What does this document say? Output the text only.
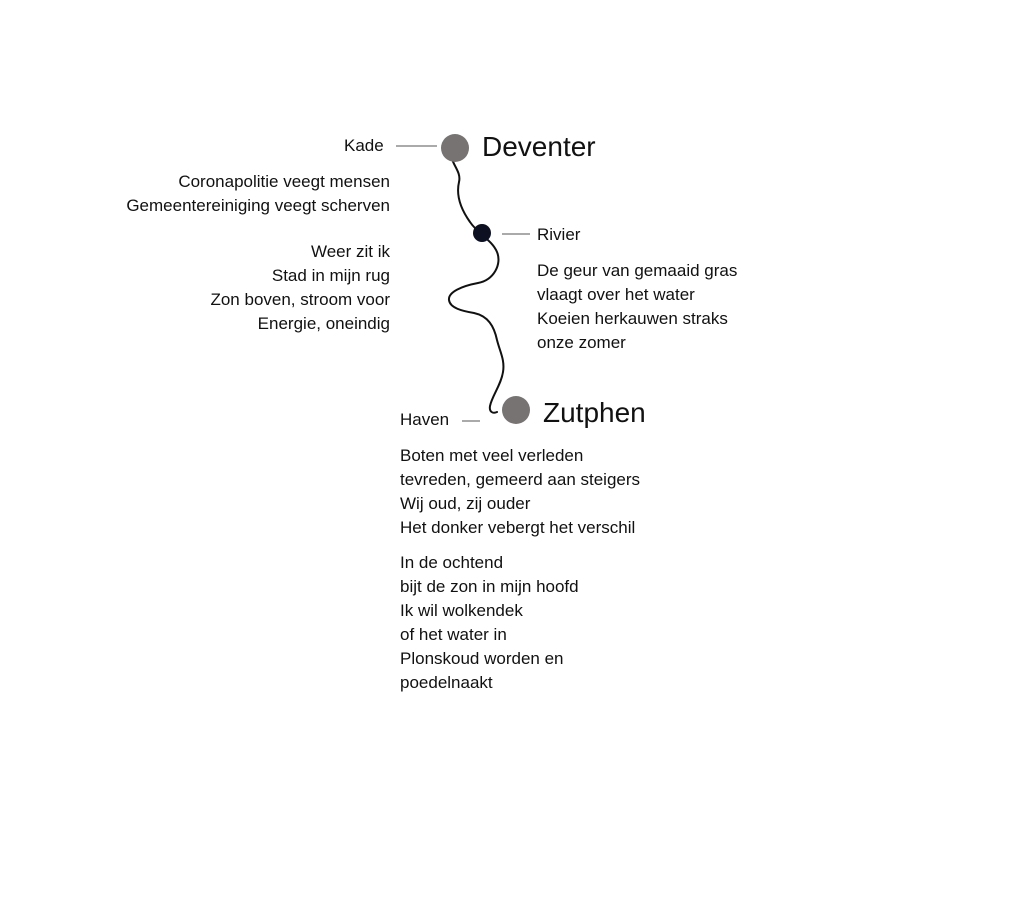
Deventer
Zutphen
Kade
Rivier
Haven
Coronapolitie veegt mensen
Gemeentereiniging veegt scherven
Weer zit ik
Stad in mijn rug
Zon boven, stroom voor
Energie, oneindig
De geur van gemaaid gras
vlaagt over het water
Koeien herkauwen straks
onze zomer
Boten met veel verleden
tevreden, gemeerd aan steigers
Wij oud, zij ouder
Het donker vebergt het verschil
In de ochtend
bijt de zon in mijn hoofd
Ik wil wolkendek
of het water in
Plonskoud worden en
poedelnaakt
